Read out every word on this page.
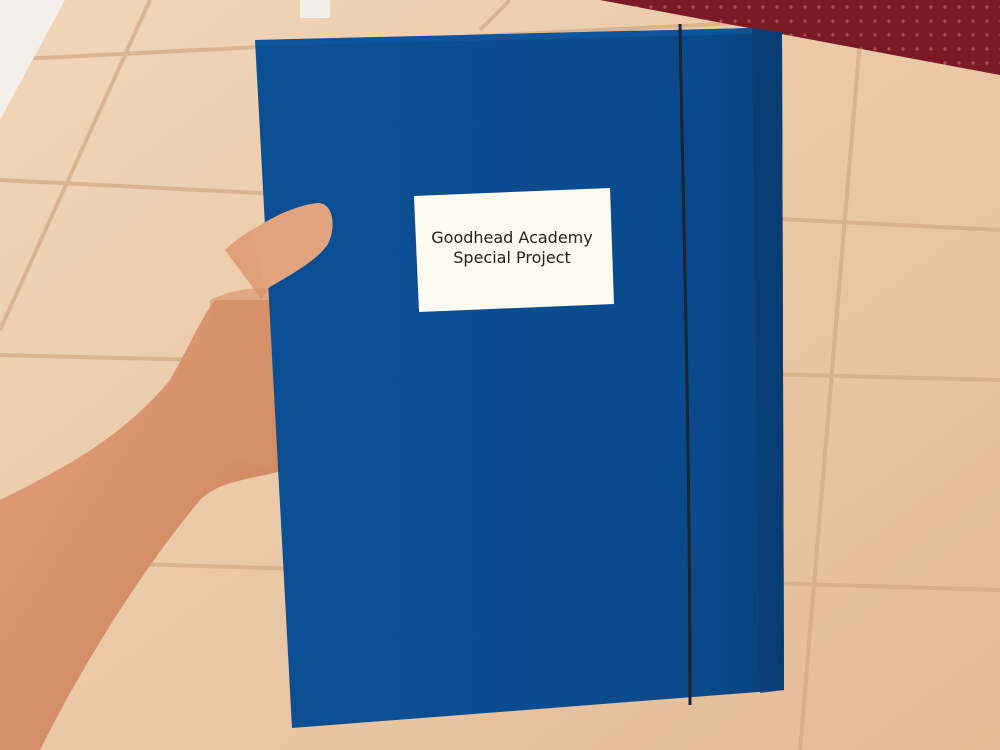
Goodhead Academy
Special Project
